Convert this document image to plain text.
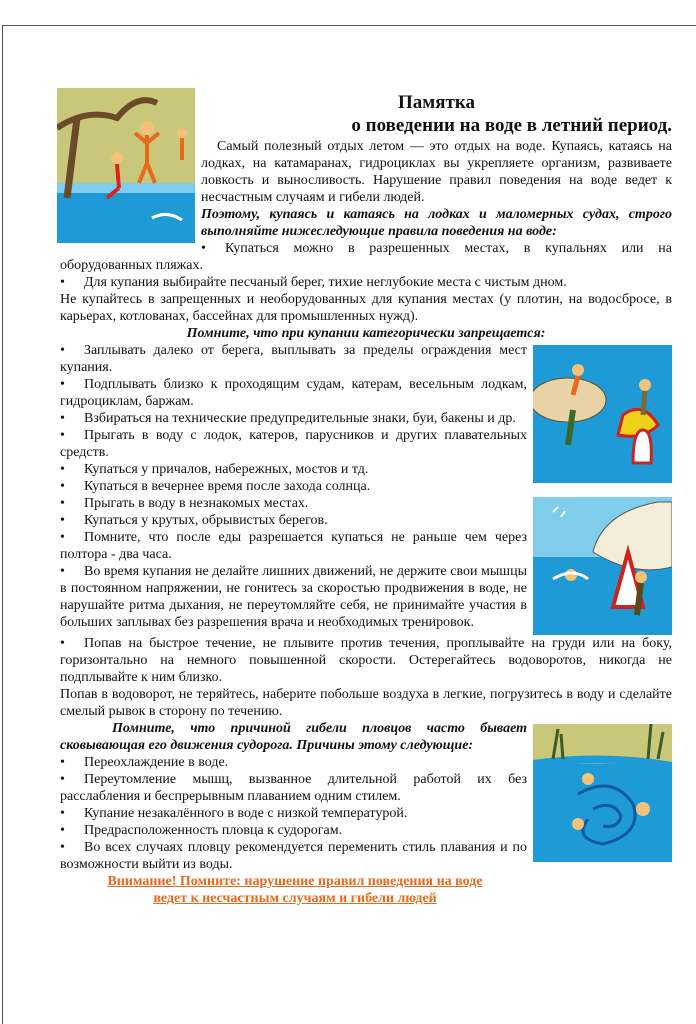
Памятка
о поведении на воде в летний период.

Самый полезный отдых летом — это отдых на воде. Купаясь, катаясь на лодках, на катамаранах, гидроциклах вы укрепляете организм, развиваете ловкость и выносливость. Нарушение правил поведения на воде ведет к несчастным случаям и гибели людей.

Поэтому, купаясь и катаясь на лодках и маломерных судах, строго выполняйте нижеследующие правила поведения на воде:

• Купаться можно в разрешенных местах, в купальнях или на оборудованных пляжах.

• Для купания выбирайте песчаный берег, тихие неглубокие места с чистым дном.

Не купайтесь в запрещенных и необорудованных для купания местах (у плотин, на водосбросе, в карьерах, котлованах, бассейнах для промышленных нужд).

Помните, что при купании категорически запрещается:

• Заплывать далеко от берега, выплывать за пределы ограждения мест купания.

• Подплывать близко к проходящим судам, катерам, весельным лодкам, гидроциклам, баржам.

• Взбираться на технические предупредительные знаки, буи, бакены и др.

• Прыгать в воду с лодок, катеров, парусников и других плавательных средств.

• Купаться у причалов, набережных, мостов и тд.

• Купаться в вечернее время после захода солнца.

• Прыгать в воду в незнакомых местах.

• Купаться у крутых, обрывистых берегов.

• Помните, что после еды разрешается купаться не раньше чем через полтора - два часа.

• Во время купания не делайте лишних движений, не держите свои мышцы в постоянном напряжении, не гонитесь за скоростью продвижения в воде, не нарушайте ритма дыхания, не переутомляйте себя, не принимайте участия в больших заплывах без разрешения врача и необходимых тренировок.

• Попав на быстрое течение, не плывите против течения, проплывайте на груди или на боку, горизонтально на немного повышенной скорости. Остерегайтесь водоворотов, никогда не подплывайте к ним близко.

Попав в водоворот, не теряйтесь, наберите побольше воздуха в легкие, погрузитесь в воду и сделайте смелый рывок в сторону по течению.

Помните, что причиной гибели пловцов часто бывает сковывающая его движения судорога. Причины этому следующие:

• Переохлаждение в воде.

• Переутомление мышц, вызванное длительной работой их без расслабления и беспрерывным плаванием одним стилем.

• Купание незакалённого в воде с низкой температурой.

• Предрасположенность пловца к судорогам.

• Во всех случаях пловцу рекомендуется переменить стиль плавания и по возможности выйти из воды.

Внимание! Помните: нарушение правил поведения на воде
ведет к несчастным случаям и гибели людей
